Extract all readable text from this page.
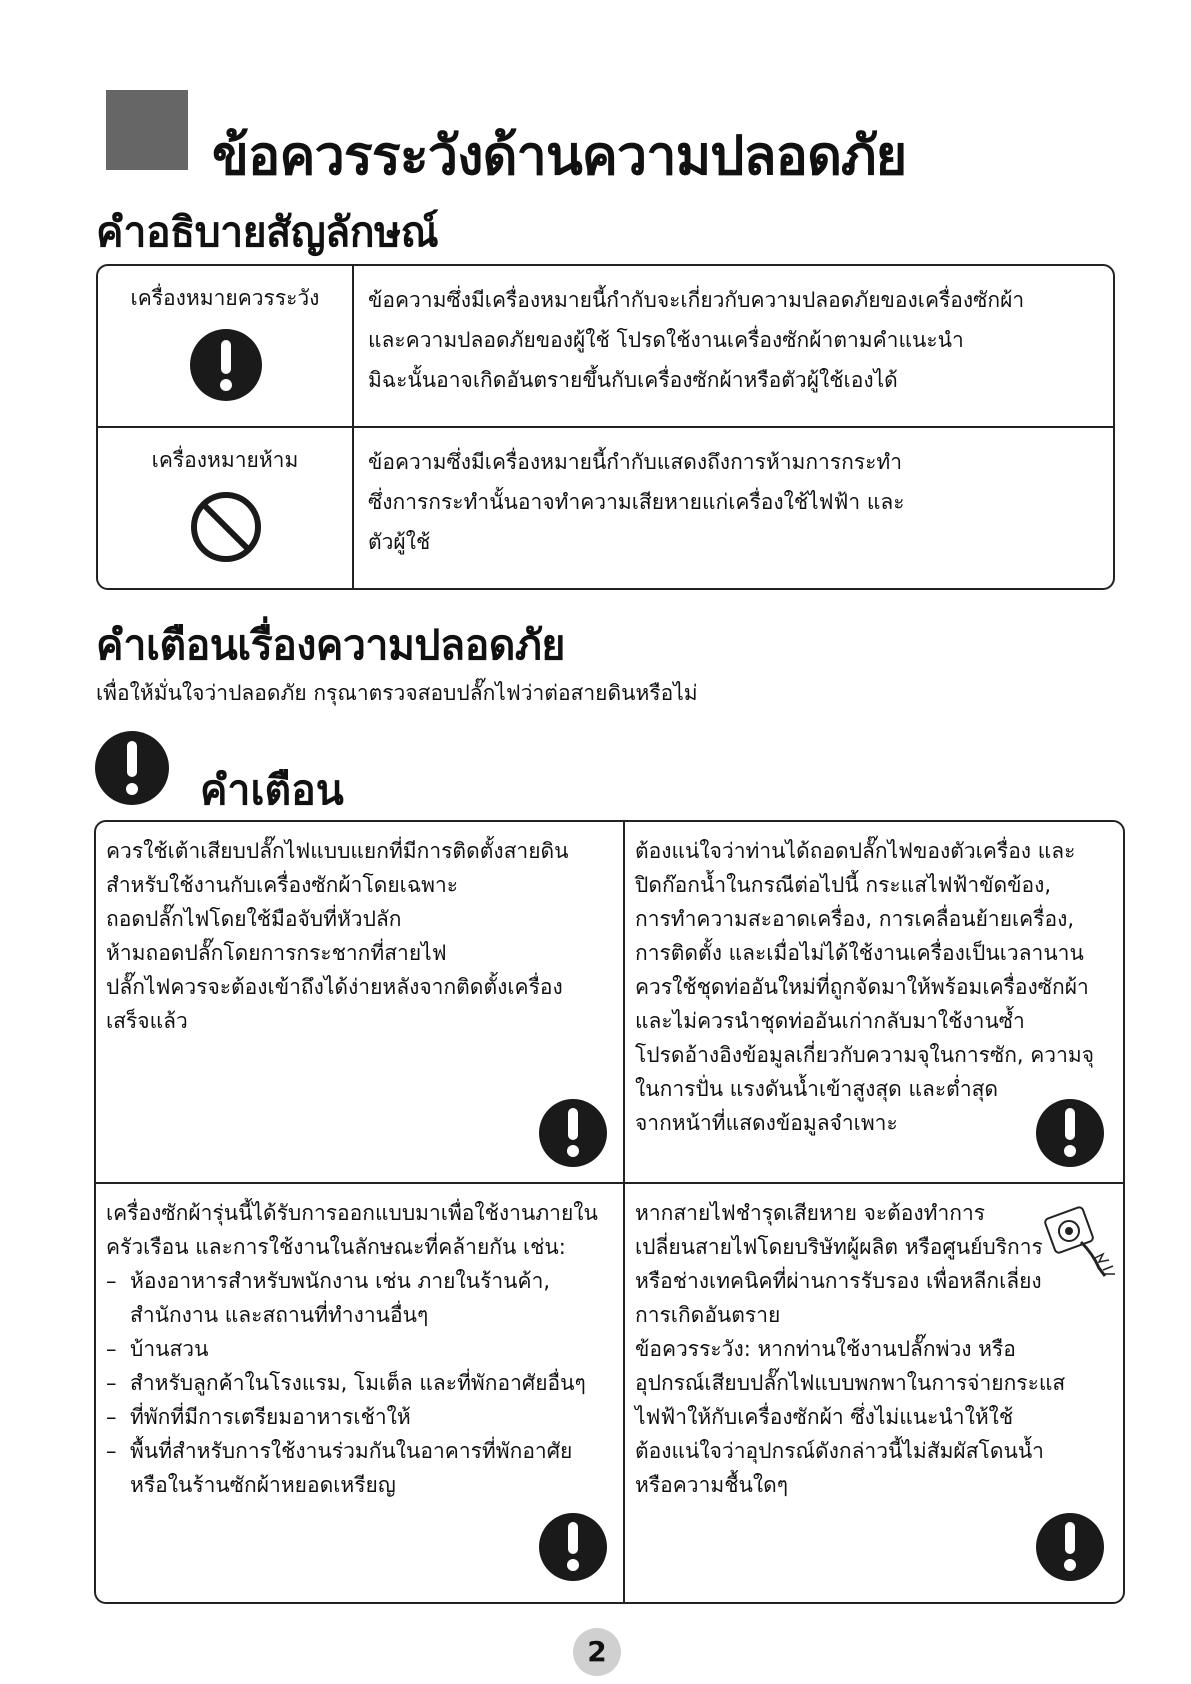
ข้อควรระวังด้านความปลอดภัย
คำอธิบายสัญลักษณ์
เครื่องหมายควรระวัง	ข้อความซึ่งมีเครื่องหมายนี้กำกับจะเกี่ยวกับความปลอดภัยของเครื่องซักผ้า
และความปลอดภัยของผู้ใช้ โปรดใช้งานเครื่องซักผ้าตามคำแนะนำ
มิฉะนั้นอาจเกิดอันตรายขึ้นกับเครื่องซักผ้าหรือตัวผู้ใช้เองได้
เครื่องหมายห้าม	ข้อความซึ่งมีเครื่องหมายนี้กำกับแสดงถึงการห้ามการกระทำ
ซึ่งการกระทำนั้นอาจทำความเสียหายแก่เครื่องใช้ไฟฟ้า และ
ตัวผู้ใช้
คำเตือนเรื่องความปลอดภัย
เพื่อให้มั่นใจว่าปลอดภัย กรุณาตรวจสอบปลั๊กไฟว่าต่อสายดินหรือไม่
คำเตือน
ควรใช้เต้าเสียบปลั๊กไฟแบบแยกที่มีการติดตั้งสายดิน
สำหรับใช้งานกับเครื่องซักผ้าโดยเฉพาะ
ถอดปลั๊กไฟโดยใช้มือจับที่หัวปลัก
ห้ามถอดปลั๊กโดยการกระชากที่สายไฟ
ปลั๊กไฟควรจะต้องเข้าถึงได้ง่ายหลังจากติดตั้งเครื่อง
เสร็จแล้ว
ต้องแน่ใจว่าท่านได้ถอดปลั๊กไฟของตัวเครื่อง และ
ปิดก๊อกน้ำในกรณีต่อไปนี้ กระแสไฟฟ้าขัดข้อง,
การทำความสะอาดเครื่อง, การเคลื่อนย้ายเครื่อง,
การติดตั้ง และเมื่อไม่ได้ใช้งานเครื่องเป็นเวลานาน
ควรใช้ชุดท่ออันใหม่ที่ถูกจัดมาให้พร้อมเครื่องซักผ้า
และไม่ควรนำชุดท่ออันเก่ากลับมาใช้งานซ้ำ
โปรดอ้างอิงข้อมูลเกี่ยวกับความจุในการซัก, ความจุ
ในการปั่น แรงดันน้ำเข้าสูงสุด และต่ำสุด
จากหน้าที่แสดงข้อมูลจำเพาะ
เครื่องซักผ้ารุ่นนี้ได้รับการออกแบบมาเพื่อใช้งานภายใน
ครัวเรือน และการใช้งานในลักษณะที่คล้ายกัน เช่น:
– ห้องอาหารสำหรับพนักงาน เช่น ภายในร้านค้า,
สำนักงาน และสถานที่ทำงานอื่นๆ
– บ้านสวน
– สำหรับลูกค้าในโรงแรม, โมเต็ล และที่พักอาศัยอื่นๆ
– ที่พักที่มีการเตรียมอาหารเช้าให้
– พื้นที่สำหรับการใช้งานร่วมกันในอาคารที่พักอาศัย
หรือในร้านซักผ้าหยอดเหรียญ
หากสายไฟชำรุดเสียหาย จะต้องทำการ
เปลี่ยนสายไฟโดยบริษัทผู้ผลิต หรือศูนย์บริการ
หรือช่างเทคนิคที่ผ่านการรับรอง เพื่อหลีกเลี่ยง
การเกิดอันตราย
ข้อควรระวัง: หากท่านใช้งานปลั๊กพ่วง หรือ
อุปกรณ์เสียบปลั๊กไฟแบบพกพาในการจ่ายกระแส
ไฟฟ้าให้กับเครื่องซักผ้า ซึ่งไม่แนะนำให้ใช้
ต้องแน่ใจว่าอุปกรณ์ดังกล่าวนี้ไม่สัมผัสโดนน้ำ
หรือความชื้นใดๆ
2
